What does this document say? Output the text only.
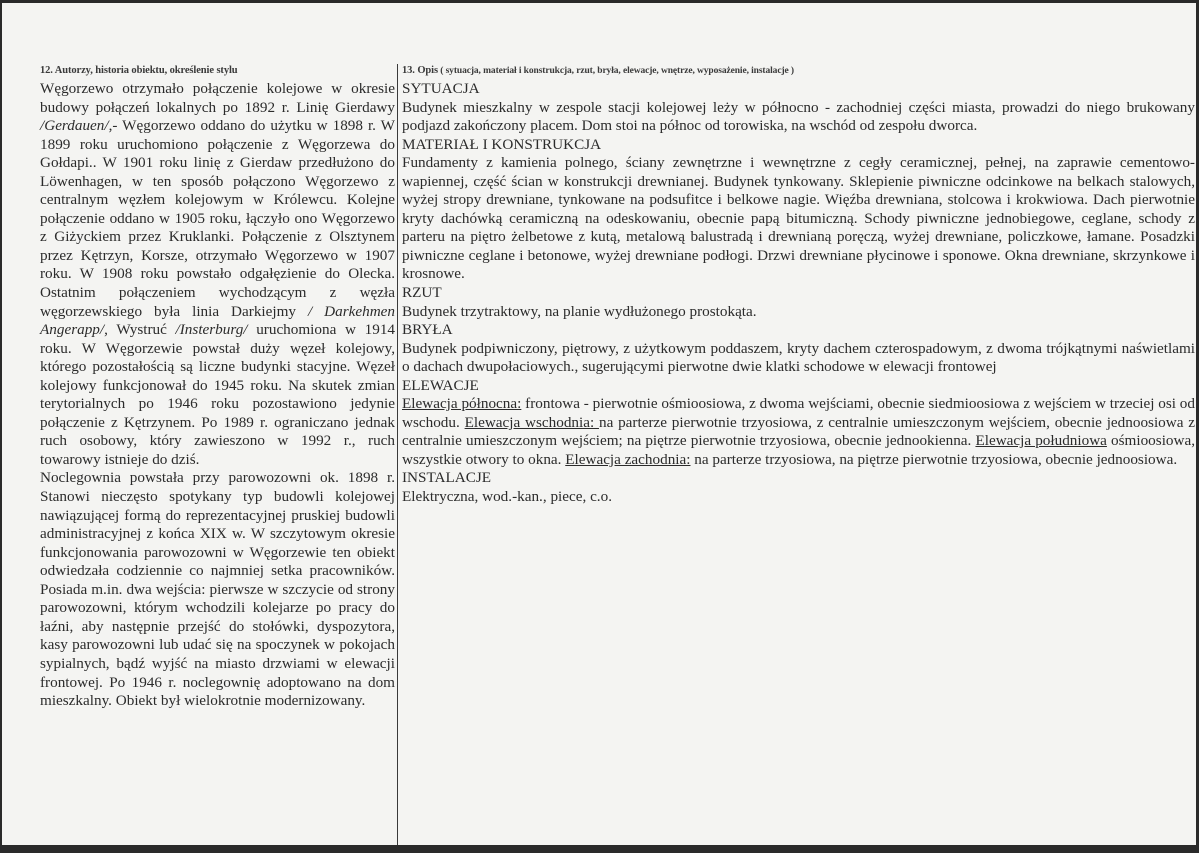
12. Autorzy, historia obiektu, określenie stylu

Węgorzewo otrzymało połączenie kolejowe w okresie budowy połączeń lokalnych po 1892 r. Linię Gierdawy /Gerdauen/,- Węgorzewo oddano do użytku w 1898 r. W 1899 roku uruchomiono połączenie z Węgorzewa do Gołdapi.. W 1901 roku linię z Gierdaw przedłużono do Löwenhagen, w ten sposób połączono Węgorzewo z centralnym węzłem kolejowym w Królewcu. Kolejne połączenie oddano w 1905 roku, łączyło ono Węgorzewo z Giżyckiem przez Kruklanki. Połączenie z Olsztynem przez Kętrzyn, Korsze, otrzymało Węgorzewo w 1907 roku. W 1908 roku powstało odgałęzienie do Olecka. Ostatnim połączeniem wychodzącym z węzła węgorzewskiego była linia Darkiejmy / Darkehmen Angerapp/, Wystruć /Insterburg/ uruchomiona w 1914 roku. W Węgorzewie powstał duży węzeł kolejowy, którego pozostałością są liczne budynki stacyjne. Węzeł kolejowy funkcjonował do 1945 roku. Na skutek zmian terytorialnych po 1946 roku pozostawiono jedynie połączenie z Kętrzynem. Po 1989 r. ograniczano jednak ruch osobowy, który zawieszono w 1992 r., ruch towarowy istnieje do dziś.

Noclegownia powstała przy parowozowni ok. 1898 r. Stanowi nieczęsto spotykany typ budowli kolejowej nawiązującej formą do reprezentacyjnej pruskiej budowli administracyjnej z końca XIX w. W szczytowym okresie funkcjonowania parowozowni w Węgorzewie ten obiekt odwiedzała codziennie co najmniej setka pracowników. Posiada m.in. dwa wejścia: pierwsze w szczycie od strony parowozowni, którym wchodzili kolejarze po pracy do łaźni, aby następnie przejść do stołówki, dyspozytora, kasy parowozowni lub udać się na spoczynek w pokojach sypialnych, bądź wyjść na miasto drzwiami w elewacji frontowej. Po 1946 r. noclegownię adoptowano na dom mieszkalny. Obiekt był wielokrotnie modernizowany.

13. Opis ( sytuacja, materiał i konstrukcja, rzut, bryła, elewacje, wnętrze, wyposażenie, instalacje )
SYTUACJA

Budynek mieszkalny w zespole stacji kolejowej leży w północno - zachodniej części miasta, prowadzi do niego brukowany podjazd zakończony placem. Dom stoi na północ od torowiska, na wschód od zespołu dworca.

MATERIAŁ I KONSTRUKCJA

Fundamenty z kamienia polnego, ściany zewnętrzne i wewnętrzne z cegły ceramicznej, pełnej, na zaprawie cementowo-wapiennej, część ścian w konstrukcji drewnianej. Budynek tynkowany. Sklepienie piwniczne odcinkowe na belkach stalowych, wyżej stropy drewniane, tynkowane na podsufitce i belkowe nagie. Więźba drewniana, stolcowa i krokwiowa. Dach pierwotnie kryty dachówką ceramiczną na odeskowaniu, obecnie papą bitumiczną. Schody piwniczne jednobiegowe, ceglane, schody z parteru na piętro żelbetowe z kutą, metalową balustradą i drewnianą poręczą, wyżej drewniane, policzkowe, łamane. Posadzki piwniczne ceglane i betonowe, wyżej drewniane podłogi. Drzwi drewniane płycinowe i sponowe. Okna drewniane, skrzynkowe i krosnowe.

RZUT

Budynek trzytraktowy, na planie wydłużonego prostokąta.

BRYŁA

Budynek podpiwniczony, piętrowy, z użytkowym poddaszem, kryty dachem czterospadowym, z dwoma trójkątnymi naświetlami o dachach dwupołaciowych., sugerującymi pierwotne dwie klatki schodowe w elewacji frontowej

ELEWACJE

Elewacja północna: frontowa - pierwotnie ośmioosiowa, z dwoma wejściami, obecnie siedmioosiowa z wejściem w trzeciej osi od wschodu. Elewacja wschodnia: na parterze pierwotnie trzyosiowa, z centralnie umieszczonym wejściem, obecnie jednoosiowa z centralnie umieszczonym wejściem; na piętrze pierwotnie trzyosiowa, obecnie jednookienna. Elewacja południowa ośmioosiowa, wszystkie otwory to okna. Elewacja zachodnia: na parterze trzyosiowa, na piętrze pierwotnie trzyosiowa, obecnie jednoosiowa.

INSTALACJE

Elektryczna, wod.-kan., piece, c.o.
